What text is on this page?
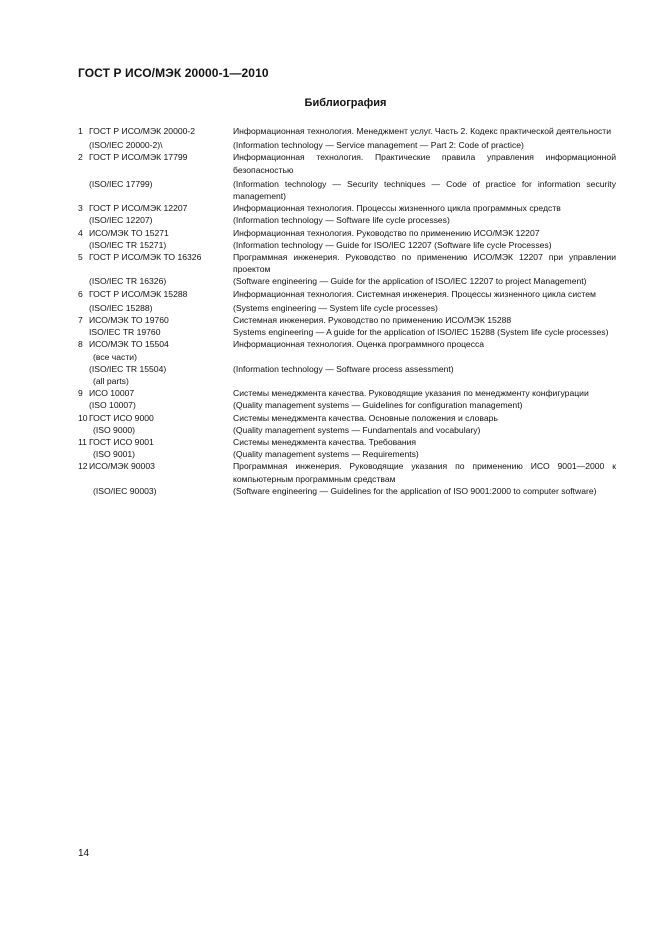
ГОСТ Р ИСО/МЭК 20000-1—2010
Библиография
1 ГОСТ Р ИСО/МЭК 20000-2	Информационная технология. Менеджмент услуг. Часть 2. Кодекс практической деятельности
(ISO/IEC 20000-2)\	(Information technology — Service management — Part 2: Code of practice)
2 ГОСТ Р ИСО/МЭК 17799	Информационная технология. Практические правила управления информационной безопасностью
(ISO/IEC 17799)	(Information technology — Security techniques — Code of practice for information security management)
3 ГОСТ Р ИСО/МЭК 12207	Информационная технология. Процессы жизненного цикла программных средств
(ISO/IEC 12207)	(Information technology — Software life cycle processes)
4 ИСО/МЭК ТО 15271	Информационная технология. Руководство по применению ИСО/МЭК 12207
(ISO/IEC TR 15271)	(Information technology — Guide for ISO/IEC 12207 (Software life cycle Processes)
5 ГОСТ Р ИСО/МЭК ТО 16326	Программная инженерия. Руководство по применению ИСО/МЭК 12207 при управлении проектом
(ISO/IEC TR 16326)	(Software engineering — Guide for the application of ISO/IEC 12207 to project Management)
6 ГОСТ Р ИСО/МЭК 15288	Информационная технология. Системная инженерия. Процессы жизненного цикла систем
(ISO/IEC 15288)	(Systems engineering — System life cycle processes)
7 ИСО/МЭК ТО 19760	Системная инженерия. Руководство по применению ИСО/МЭК 15288
ISO/IEC TR 19760	Systems engineering — A guide for the application of ISO/IEC 15288 (System life cycle processes)
8 ИСО/МЭК ТО 15504	Информационная технология. Оценка программного процесса
(все части)
(ISO/IEC TR 15504)	(Information technology — Software process assessment)
(all parts)
9 ИСО 10007	Системы менеджмента качества. Руководящие указания по менеджменту конфигурации
(ISO 10007)	(Quality management systems — Guidelines for configuration management)
10 ГОСТ ИСО 9000	Системы менеджмента качества. Основные положения и словарь
(ISO 9000)	(Quality management systems — Fundamentals and vocabulary)
11 ГОСТ ИСО 9001	Системы менеджмента качества. Требования
(ISO 9001)	(Quality management systems — Requirements)
12 ИСО/МЭК 90003	Программная инженерия. Руководящие указания по применению ИСО 9001—2000 к компьютерным программным средствам
(ISO/IEC 90003)	(Software engineering — Guidelines for the application of ISO 9001:2000 to computer software)
14
